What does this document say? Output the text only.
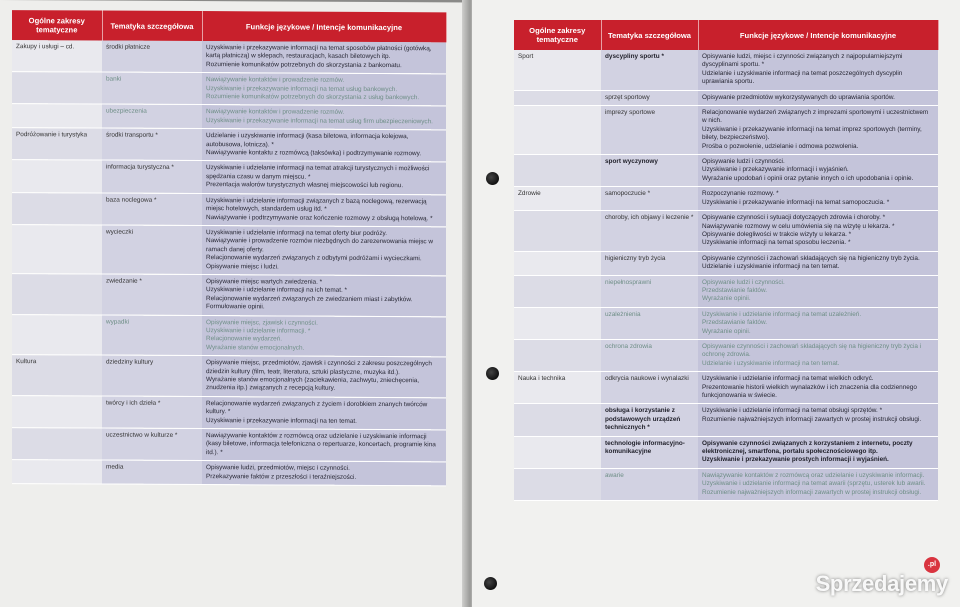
Ogólne zakresy tematyczne	Tematyka szczegółowa	Funkcje językowe / Intencje komunikacyjne
Zakupy i usługi – cd.	środki płatnicze	Uzyskiwanie i przekazywanie informacji na temat sposobów płatności (gotówką, kartą płatniczą) w sklepach, restauracjach, kasach biletowych itp.

Rozumienie komunikatów potrzebnych do skorzystania z bankomatu.

	banki	Nawiązywanie kontaktów i prowadzenie rozmów.

Uzyskiwanie i przekazywanie informacji na temat usług bankowych.

Rozumienie komunikatów potrzebnych do skorzystania z usług bankowych.

	ubezpieczenia	Nawiązywanie kontaktów i prowadzenie rozmów.

Uzyskiwanie i przekazywanie informacji na temat usług firm ubezpieczeniowych.

Podróżowanie i turystyka	środki transportu *	Udzielanie i uzyskiwanie informacji (kasa biletowa, informacja kolejowa, autobusowa, lotnicza). *

Nawiązywanie kontaktu z rozmówcą (taksówka) i podtrzymywanie rozmowy.

	informacja turystyczna *	Uzyskiwanie i udzielanie informacji na temat atrakcji turystycznych i możliwości spędzania czasu w danym miejscu. *

Prezentacja walorów turystycznych własnej miejscowości lub regionu.

	baza noclegowa *	Uzyskiwanie i udzielanie informacji związanych z bazą noclegową, rezerwacją miejsc hotelowych, standardem usług itd. *

Nawiązywanie i podtrzymywanie oraz kończenie rozmowy z obsługą hotelową. *

	wycieczki	Uzyskiwanie i udzielanie informacji na temat oferty biur podróży.

Nawiązywanie i prowadzenie rozmów niezbędnych do zarezerwowania miejsc w ramach danej oferty.

Relacjonowanie wydarzeń związanych z odbytymi podróżami i wycieczkami.

Opisywanie miejsc i ludzi.

	zwiedzanie *	Opisywanie miejsc wartych zwiedzenia. *

Uzyskiwanie i udzielanie informacji na ich temat. *

Relacjonowanie wydarzeń związanych ze zwiedzaniem miast i zabytków.

Formułowanie opinii.

	wypadki	Opisywanie miejsc, zjawisk i czynności.

Uzyskiwanie i udzielanie informacji. *

Relacjonowanie wydarzeń.

Wyrażanie stanów emocjonalnych.

Kultura	dziedziny kultury	Opisywanie miejsc, przedmiotów, zjawisk i czynności z zakresu poszczególnych dziedzin kultury (film, teatr, literatura, sztuki plastyczne, muzyka itd.).

Wyrażanie stanów emocjonalnych (zaciekawienia, zachwytu, zniechęcenia, znudzenia itp.) związanych z recepcją kultury.

	twórcy i ich dzieła *	Relacjonowanie wydarzeń związanych z życiem i dorobkiem znanych twórców kultury. *

Uzyskiwanie i przekazywanie informacji na ten temat.

	uczestnictwo w kulturze *	Nawiązywanie kontaktów z rozmówcą oraz udzielanie i uzyskiwanie informacji (kasy biletowe, informacja telefoniczna o repertuarze, koncertach, programie kina itd.). *

	media	Opisywanie ludzi, przedmiotów, miejsc i czynności.

Przekazywanie faktów z przeszłości i teraźniejszości.

Ogólne zakresy tematyczne	Tematyka szczegółowa	Funkcje językowe / Intencje komunikacyjne
Sport	dyscypliny sportu *	Opisywanie ludzi, miejsc i czynności związanych z najpopularniejszymi dyscyplinami sportu. *

Udzielanie i uzyskiwanie informacji na temat poszczególnych dyscyplin uprawiania sportu.

	sprzęt sportowy	Opisywanie przedmiotów wykorzystywanych do uprawiania sportów.

	imprezy sportowe	Relacjonowanie wydarzeń związanych z imprezami sportowymi i uczestnictwem w nich.

Uzyskiwanie i przekazywanie informacji na temat imprez sportowych (terminy, bilety, bezpieczeństwo).

Prośba o pozwolenie, udzielanie i odmowa pozwolenia.

	sport wyczynowy	Opisywanie ludzi i czynności.

Uzyskiwanie i przekazywanie informacji i wyjaśnień.

Wyrażanie upodobań i opinii oraz pytanie innych o ich upodobania i opinie.

Zdrowie	samopoczucie *	Rozpoczynanie rozmowy. *

Uzyskiwanie i przekazywanie informacji na temat samopoczucia. *

	choroby, ich objawy i leczenie *	Opisywanie czynności i sytuacji dotyczących zdrowia i choroby. *

Nawiązywanie rozmowy w celu umówienia się na wizytę u lekarza. *

Opisywanie dolegliwości w trakcie wizyty u lekarza. *

Uzyskiwanie informacji na temat sposobu leczenia. *

	higieniczny tryb życia	Opisywanie czynności i zachowań składających się na higieniczny tryb życia.

Udzielanie i uzyskiwanie informacji na ten temat.

	niepełnosprawni	Opisywanie ludzi i czynności.

Przedstawianie faktów.

Wyrażanie opinii.

	uzależnienia	Uzyskiwanie i udzielanie informacji na temat uzależnień.

Przedstawianie faktów.

Wyrażanie opinii.

	ochrona zdrowia	Opisywanie czynności i zachowań składających się na higieniczny tryb życia i ochronę zdrowia.

Udzielanie i uzyskiwanie informacji na ten temat.

Nauka i technika	odkrycia naukowe i wynalazki	Uzyskiwanie i udzielanie informacji na temat wielkich odkryć.

Prezentowanie historii wielkich wynalazków i ich znaczenia dla codziennego funkcjonowania w świecie.

	obsługa i korzystanie z podstawowych urządzeń technicznych *	Uzyskiwanie i udzielanie informacji na temat obsługi sprzętów. *

Rozumienie najważniejszych informacji zawartych w prostej instrukcji obsługi.

	technologie informacyjno-komunikacyjne	Opisywanie czynności związanych z korzystaniem z internetu, poczty elektronicznej, smartfona, portalu społecznościowego itp.

Uzyskiwanie i przekazywanie prostych informacji i wyjaśnień.

	awarie	Nawiązywanie kontaktów z rozmówcą oraz udzielanie i uzyskiwanie informacji. Uzyskiwanie i udzielanie informacji na temat awarii (sprzętu, usterek lub awarii.

Rozumienie najważniejszych informacji zawartych w prostej instrukcji obsługi.

.pl
Sprzedajemy
